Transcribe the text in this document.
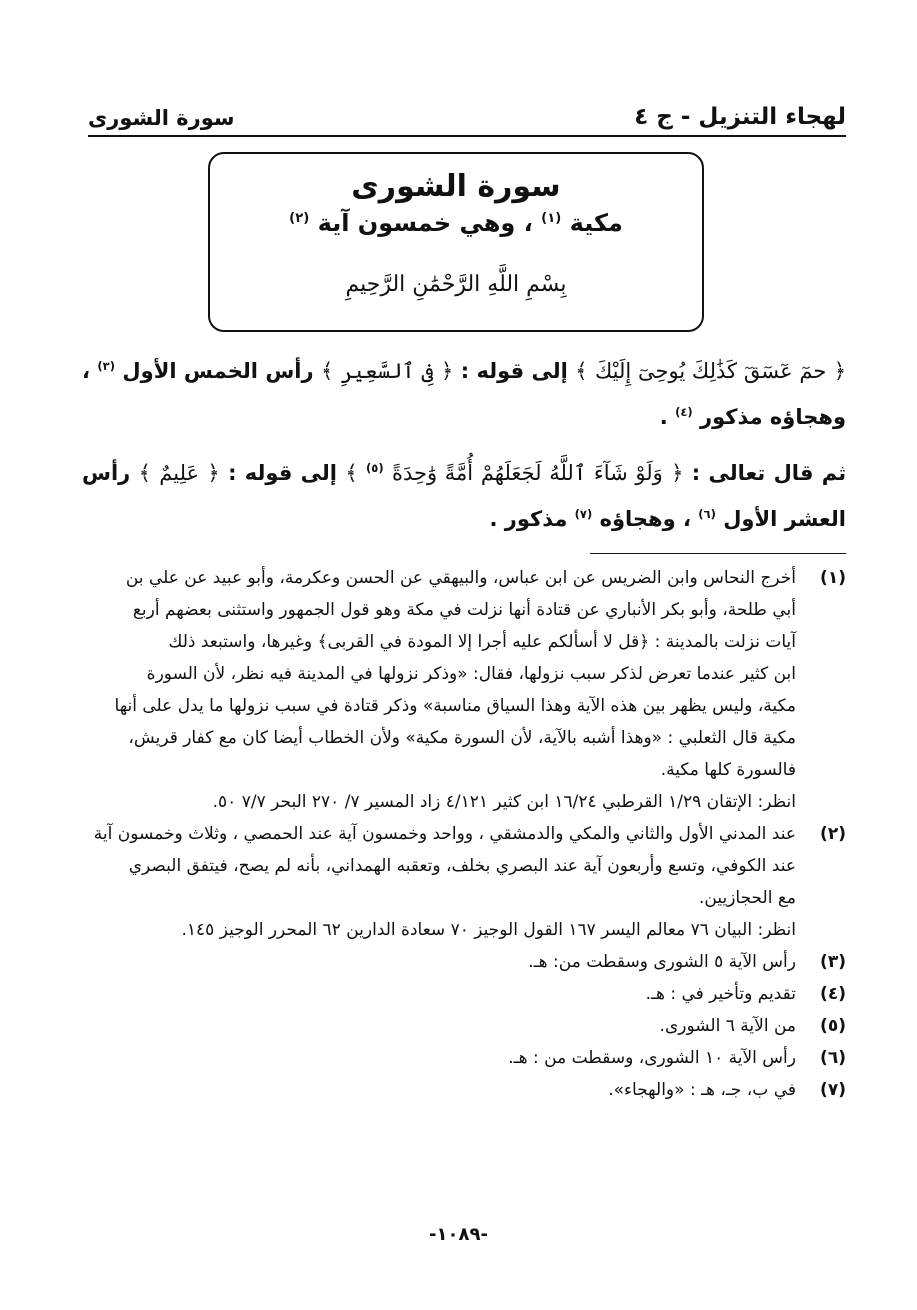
لهجاء التنزيل - ج ٤
سورة الشورى
سورة الشورى
مكية $^{(١)}$ ، وهي خمسون آية $^{(٢)}$
بِسْمِ اللَّهِ الرَّحْمَٰنِ الرَّحِيمِ

﴿ حمٓ عٓسٓقٓ كَذَٰلِكَ يُوحِىٓ إِلَيْكَ ﴾ إلى قوله : ﴿ فِى ٱلسَّعِيرِ ﴾ رأس الخمس الأول $^{(٣)}$ ، وهجاؤه مذكور $^{(٤)}$ .

ثم قال تعالى : ﴿ وَلَوْ شَآءَ ٱللَّهُ لَجَعَلَهُمْ أُمَّةً وَٰحِدَةً $^{(٥)}$ ﴾ إلى قوله : ﴿ عَلِيمٌ ﴾ رأس العشر الأول $^{(٦)}$ ، وهجاؤه $^{(٧)}$ مذكور .

(١)
أخرج النحاس وابن الضريس عن ابن عباس، والبيهقي عن الحسن وعكرمة، وأبو عبيد عن علي بن
أبي طلحة، وأبو بكر الأنباري عن قتادة أنها نزلت في مكة وهو قول الجمهور واستثنى بعضهم أربع
آيات نزلت بالمدينة : ﴿قل لا أسألكم عليه أجرا إلا المودة في القربى﴾ وغيرها، واستبعد ذلك
ابن كثير عندما تعرض لذكر سبب نزولها، فقال: «وذكر نزولها في المدينة فيه نظر، لأن السورة
مكية، وليس يظهر بين هذه الآية وهذا السياق مناسبة» وذكر قتادة في سبب نزولها ما يدل على أنها
مكية قال الثعلبي : «وهذا أشبه بالآية، لأن السورة مكية» ولأن الخطاب أيضا كان مع كفار قريش،
فالسورة كلها مكية.
انظر: الإتقان ١/٢٩ القرطبي ١٦/٢٤ ابن كثير ٤/١٢١ زاد المسير ٧/ ٢٧٠ البحر ٧/٧ ٥٠.
(٢)
عند المدني الأول والثاني والمكي والدمشقي ، وواحد وخمسون آية عند الحمصي ، وثلاث وخمسون آية
عند الكوفي، وتسع وأربعون آية عند البصري بخلف، وتعقبه الهمداني، بأنه لم يصح، فيتفق البصري
مع الحجازيين.
انظر: البيان ٧٦ معالم اليسر ١٦٧ القول الوجيز ٧٠ سعادة الدارين ٦٢ المحرر الوجيز ١٤٥.
(٣)
رأس الآية ٥ الشورى وسقطت من: هـ.
(٤)
تقديم وتأخير في : هـ.
(٥)
من الآية ٦ الشورى.
(٦)
رأس الآية ١٠ الشورى، وسقطت من : هـ.
(٧)
في ب، جـ، هـ : «والهجاء».
-١٠٨٩-
